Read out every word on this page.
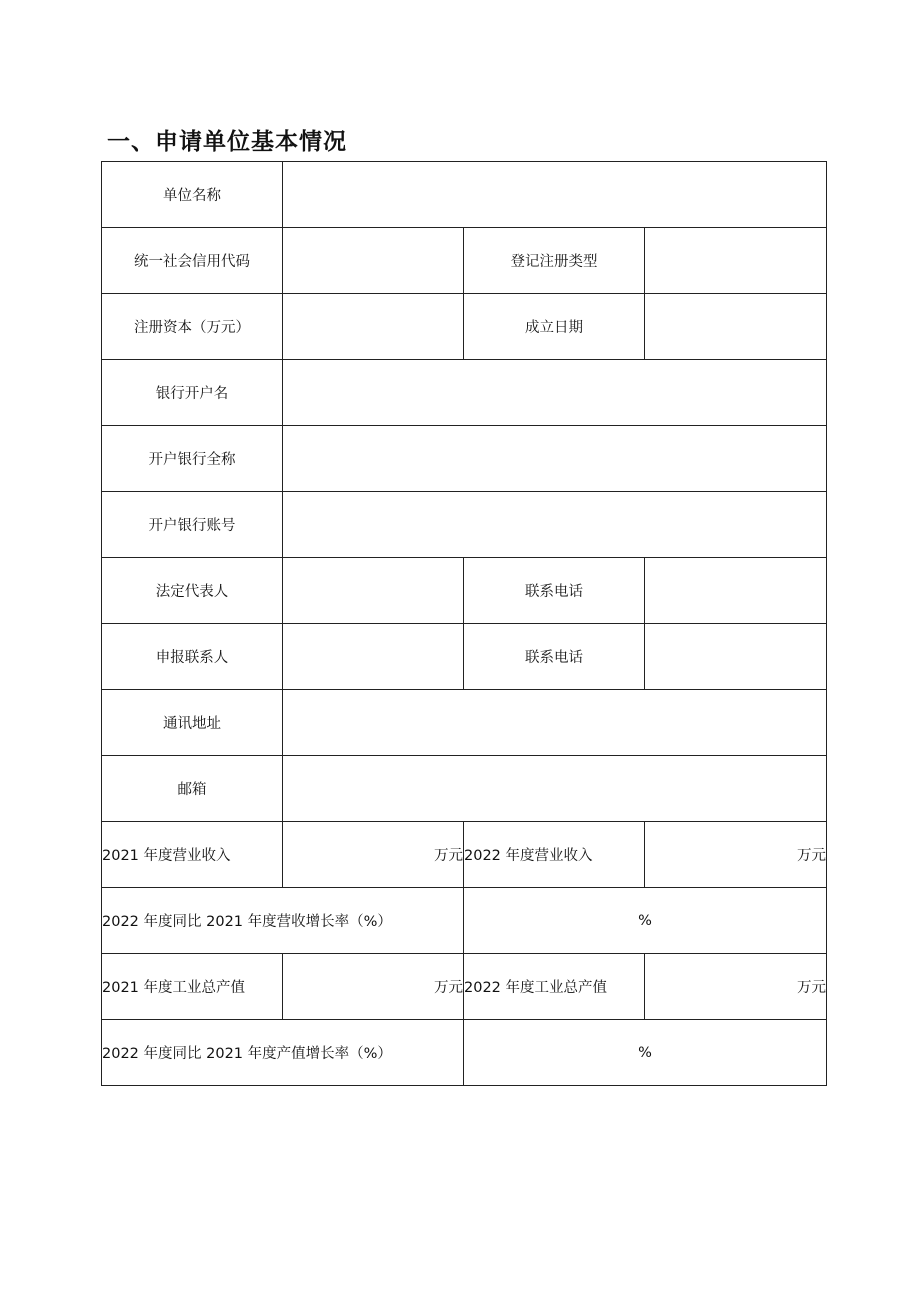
一、申请单位基本情况
单位名称			
统一社会信用代码		登记注册类型	
注册资本（万元）		成立日期	
银行开户名			
开户银行全称			
开户银行账号			
法定代表人		联系电话	
申报联系人		联系电话	
通讯地址			
邮箱			
2021 年度营业收入	万元	2022 年度营业收入	万元
2022 年度同比 2021 年度营收增长率（%）		%	
2021 年度工业总产值	万元	2022 年度工业总产值	万元
2022 年度同比 2021 年度产值增长率（%）		%	
